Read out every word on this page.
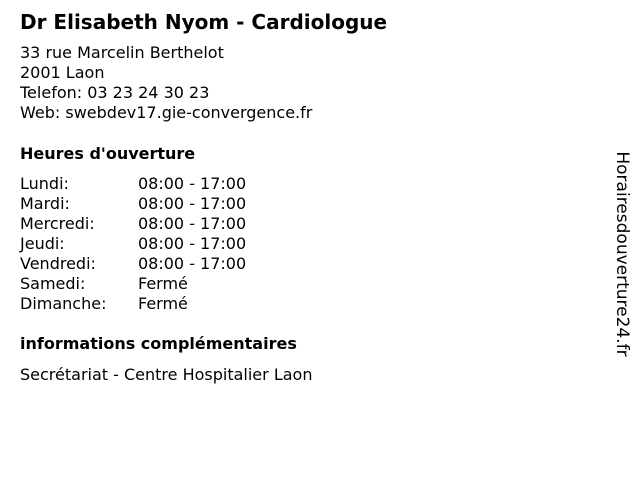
Dr Elisabeth Nyom - Cardiologue
33 rue Marcelin Berthelot
2001 Laon
Telefon: 03 23 24 30 23
Web: swebdev17.gie-convergence.fr
Heures d'ouverture
Lundi:	08:00 - 17:00
Mardi:	08:00 - 17:00
Mercredi:	08:00 - 17:00
Jeudi:	08:00 - 17:00
Vendredi:	08:00 - 17:00
Samedi:	Fermé
Dimanche: Fermé
informations complémentaires
Secrétariat - Centre Hospitalier Laon
Horairesdouverture24.fr
